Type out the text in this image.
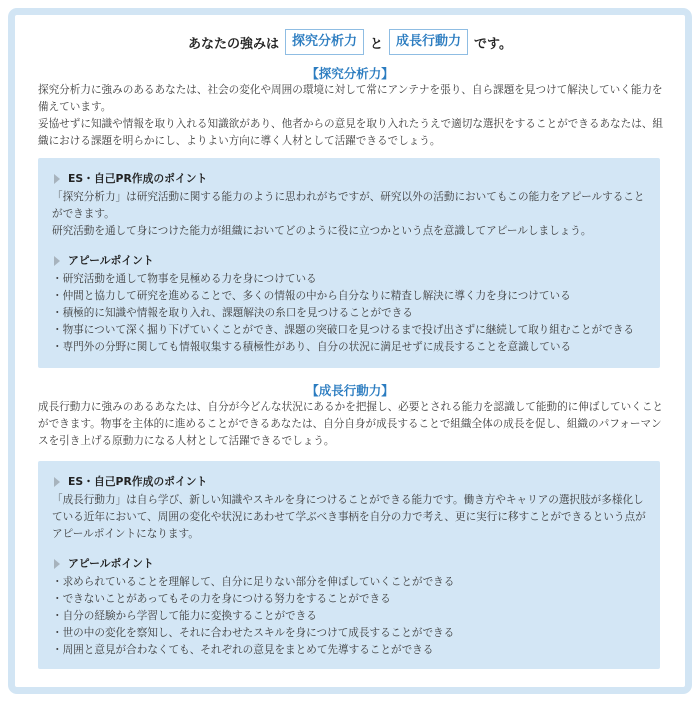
あなたの強みは	探究分析力	と	成長行動力	です。
【探究分析力】

探究分析力に強みのあるあなたは、社会の変化や周囲の環境に対して常にアンテナを張り、自ら課題を見つけて解決していく能力を備えています。

妥協せずに知識や情報を取り入れる知識欲があり、他者からの意見を取り入れたうえで適切な選択をすることができるあなたは、組織における課題を明らかにし、よりよい方向に導く人材として活躍できるでしょう。

ES・自己PR作成のポイント

「探究分析力」は研究活動に関する能力のように思われがちですが、研究以外の活動においてもこの能力をアピールすることができます。

研究活動を通して身につけた能力が組織においてどのように役に立つかという点を意識してアピールしましょう。

アピールポイント
・ 研究活動を通して物事を見極める力を身につけている
・ 仲間と協力して研究を進めることで、多くの情報の中から自分なりに精査し解決に導く力を身につけている
・ 積極的に知識や情報を取り入れ、課題解決の糸口を見つけることができる
・ 物事について深く掘り下げていくことができ、課題の突破口を見つけるまで投げ出さずに継続して取り組むことができる
・ 専門外の分野に関しても情報収集する積極性があり、自分の状況に満足せずに成長することを意識している
【成長行動力】

成長行動力に強みのあるあなたは、自分が今どんな状況にあるかを把握し、必要とされる能力を認識して能動的に伸ばしていくことができます。物事を主体的に進めることができるあなたは、自分自身が成長することで組織全体の成長を促し、組織のパフォーマンスを引き上げる原動力になる人材として活躍できるでしょう。

ES・自己PR作成のポイント

「成長行動力」は自ら学び、新しい知識やスキルを身につけることができる能力です。働き方やキャリアの選択肢が多様化している近年において、周囲の変化や状況にあわせて学ぶべき事柄を自分の力で考え、更に実行に移すことができるという点がアピールポイントになります。

アピールポイント
・ 求められていることを理解して、自分に足りない部分を伸ばしていくことができる
・ できないことがあってもその力を身につける努力をすることができる
・ 自分の経験から学習して能力に変換することができる
・ 世の中の変化を察知し、それに合わせたスキルを身につけて成長することができる
・ 周囲と意見が合わなくても、それぞれの意見をまとめて先導することができる
